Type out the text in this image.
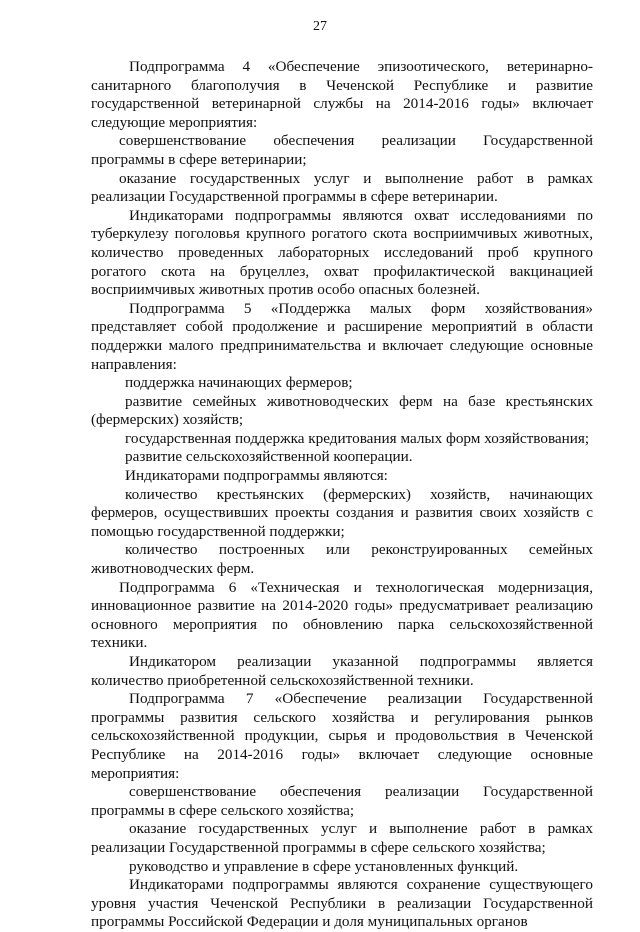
27

Подпрограмма 4 «Обеспечение эпизоотического, ветеринарно-санитарного благополучия в Чеченской Республике и развитие государственной ветеринарной службы на 2014-2016 годы» включает следующие мероприятия:

совершенствование обеспечения реализации Государственной программы в сфере ветеринарии;

оказание государственных услуг и выполнение работ в рамках реализации Государственной программы в сфере ветеринарии.

Индикаторами подпрограммы являются охват исследованиями по туберкулезу поголовья крупного рогатого скота восприимчивых животных, количество проведенных лабораторных исследований проб крупного рогатого скота на бруцеллез, охват профилактической вакцинацией восприимчивых животных против особо опасных болезней.

Подпрограмма 5 «Поддержка малых форм хозяйствования» представляет собой продолжение и расширение мероприятий в области поддержки малого предпринимательства и включает следующие основные направления:

поддержка начинающих фермеров;

развитие семейных животноводческих ферм на базе крестьянских (фермерских) хозяйств;

государственная поддержка кредитования малых форм хозяйствования;

развитие сельскохозяйственной кооперации.

Индикаторами подпрограммы являются:

количество крестьянских (фермерских) хозяйств, начинающих фермеров, осуществивших проекты создания и развития своих хозяйств с помощью государственной поддержки;

количество построенных или реконструированных семейных животноводческих ферм.

Подпрограмма 6 «Техническая и технологическая модернизация, инновационное развитие на 2014-2020 годы» предусматривает реализацию основного мероприятия по обновлению парка сельскохозяйственной техники.

Индикатором реализации указанной подпрограммы является количество приобретенной сельскохозяйственной техники.

Подпрограмма 7 «Обеспечение реализации Государственной программы развития сельского хозяйства и регулирования рынков сельскохозяйственной продукции, сырья и продовольствия в Чеченской Республике на 2014-2016 годы» включает следующие основные мероприятия:

совершенствование обеспечения реализации Государственной программы в сфере сельского хозяйства;

оказание государственных услуг и выполнение работ в рамках реализации Государственной программы в сфере сельского хозяйства;

руководство и управление в сфере установленных функций.

Индикаторами подпрограммы являются сохранение существующего уровня участия Чеченской Республики в реализации Государственной программы Российской Федерации и доля муниципальных органов
